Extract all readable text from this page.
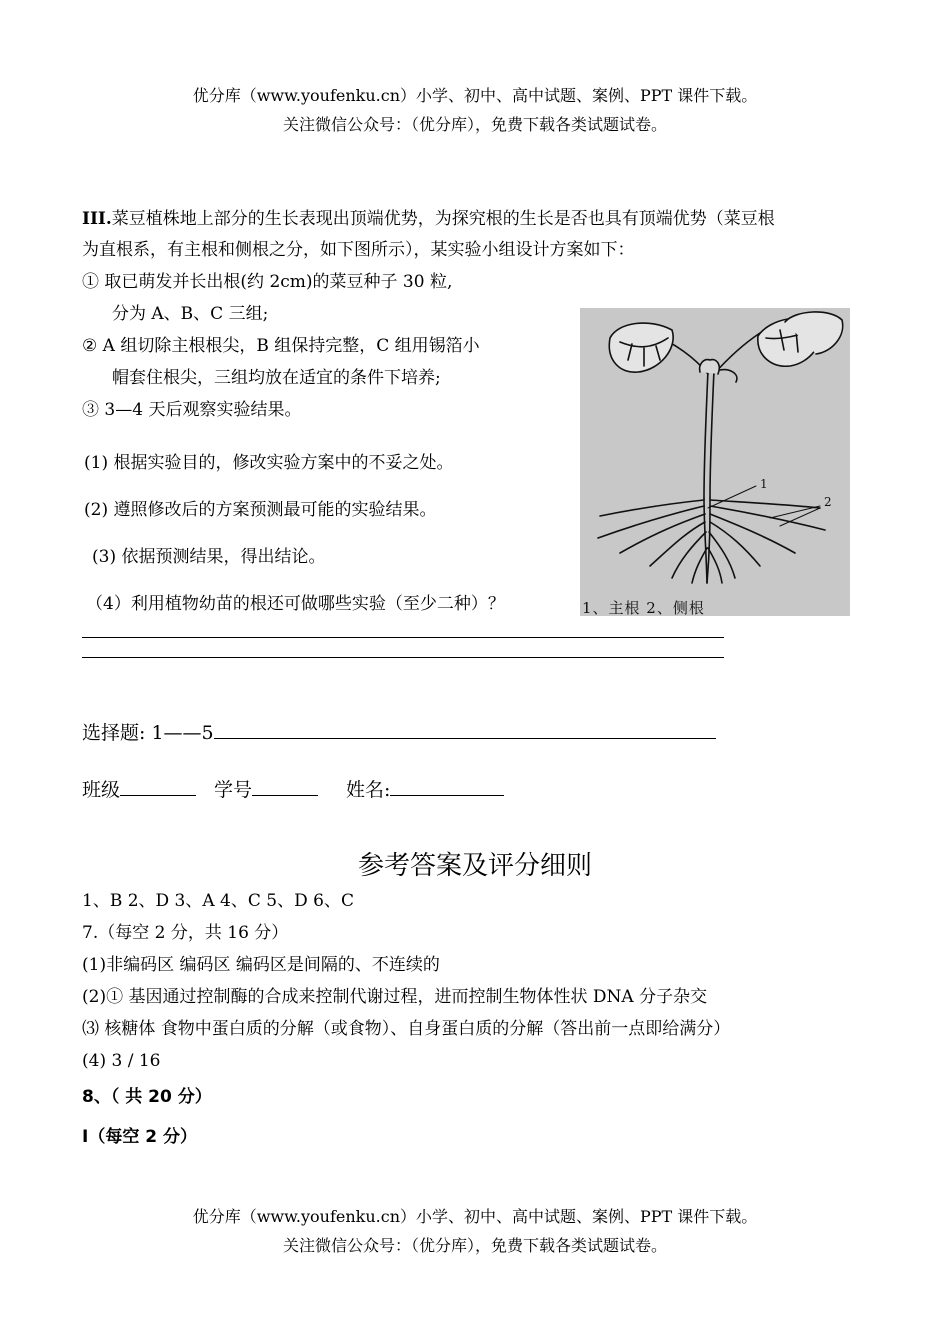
优分库（www.youfenku.cn）小学、初中、高中试题、案例、PPT 课件下载。
关注微信公众号：（优分库），免费下载各类试题试卷。
III.菜豆植株地上部分的生长表现出顶端优势，为探究根的生长是否也具有顶端优势（菜豆根
为直根系，有主根和侧根之分，如下图所示），某实验小组设计方案如下：
① 取已萌发并长出根(约 2cm)的菜豆种子 30 粒,
分为 A、B、C 三组;
② A 组切除主根根尖，B 组保持完整，C 组用锡箔小
帽套住根尖，三组均放在适宜的条件下培养;
③ 3—4 天后观察实验结果。
(1) 根据实验目的，修改实验方案中的不妥之处。
(2) 遵照修改后的方案预测最可能的实验结果。
(3) 依据预测结果，得出结论。
（4）利用植物幼苗的根还可做哪些实验（至少二种）？
1
2
1、主根 2、侧根
选择题: 1——5
班级	学号	姓名:
参考答案及评分细则
1、B 2、D 3、A 4、C 5、D 6、C
7.（每空 2 分，共 16 分）
(1)非编码区 编码区 编码区是间隔的、不连续的
(2)① 基因通过控制酶的合成来控制代谢过程，进而控制生物体性状 DNA 分子杂交
⑶ 核糖体 食物中蛋白质的分解（或食物）、自身蛋白质的分解（答出前一点即给满分）
(4) 3 / 16
8、（ 共 20 分）
I（每空 2 分）
优分库（www.youfenku.cn）小学、初中、高中试题、案例、PPT 课件下载。
关注微信公众号：（优分库），免费下载各类试题试卷。
